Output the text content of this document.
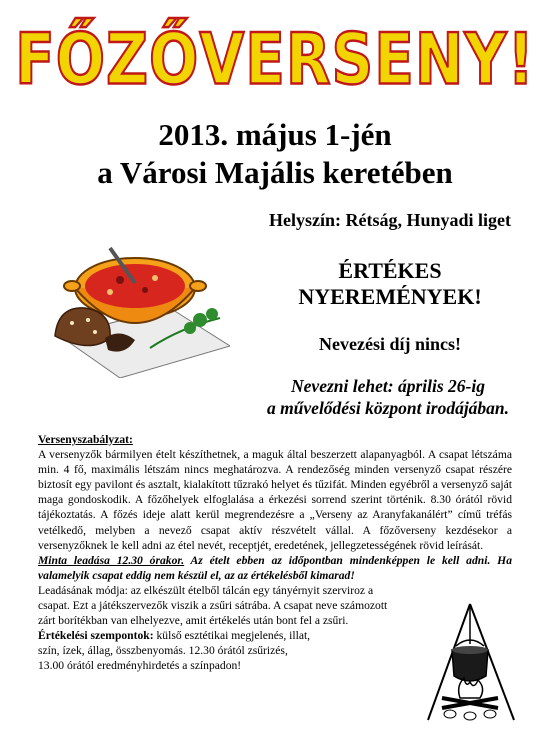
FŐZŐVERSENY!
2013. május 1-jén
a Városi Majális keretében
Helyszín: Rétság, Hunyadi liget
ÉRTÉKES
NYEREMÉNYEK!
Nevezési díj nincs!
Nevezni lehet: április 26-ig
a művelődési központ irodájában.

Versenyszabályzat:

A versenyzők bármilyen ételt készíthetnek, a maguk által beszerzett alapanyagból. A csapat létszáma min. 4 fő, maximális létszám nincs meghatározva. A rendezőség minden versenyző csapat részére biztosít egy pavilont és asztalt, kialakított tűzrakó helyet és tűzifát. Minden egyébről a versenyző saját maga gondoskodik. A főzőhelyek elfoglalása a érkezési sorrend szerint történik. 8.30 órától rövid tájékoztatás. A főzés ideje alatt kerül megrendezésre a „Verseny az Aranyfakanálért” című tréfás vetélkedő, melyben a nevező csapat aktív részvételt vállal. A főzőverseny kezdésekor a versenyzőknek le kell adni az étel nevét, receptjét, eredetének, jellegzetességének rövid leírását.

Minta leadása 12.30 órakor. Az ételt ebben az időpontban mindenképpen le kell adni. Ha valamelyik csapat eddig nem készül el, az az értékelésből kimarad!

Leadásának módja: az elkészült ételből tálcán egy tányérnyit szerviroz a
csapat. Ezt a játékszervezők viszik a zsűri sátrába. A csapat neve számozott
zárt borítékban van elhelyezve, amit értékelés után bont fel a zsűri.
Értékelési szempontok: külső esztétikai megjelenés, illat,
szín, ízek, állag, összbenyomás. 12.30 órától zsűrizés,
13.00 órától eredményhirdetés a színpadon!
